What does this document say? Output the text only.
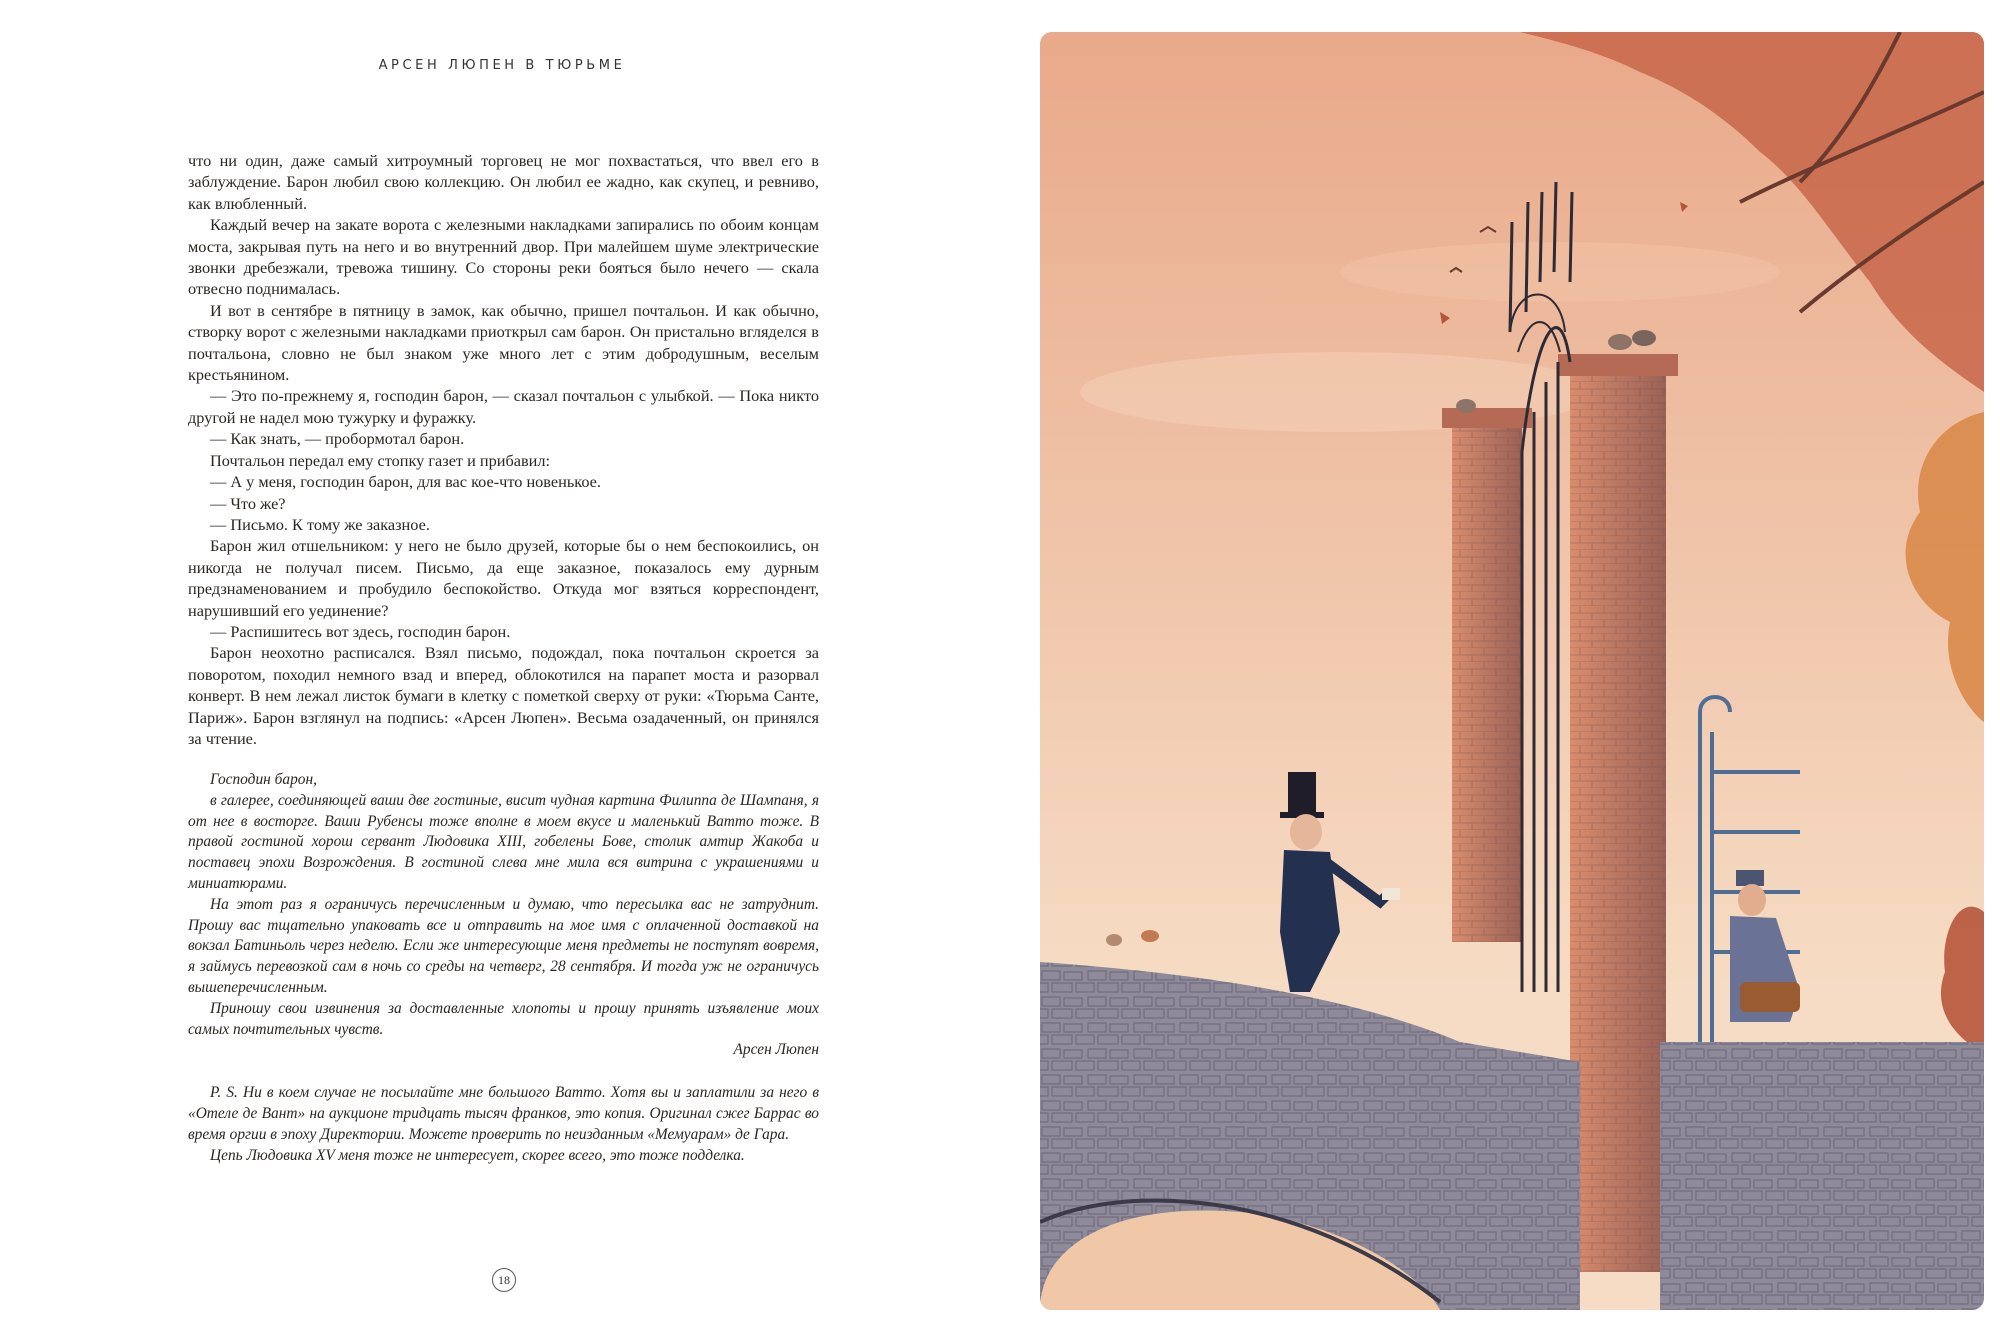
АРСЕН ЛЮПЕН В ТЮРЬМЕ

что ни один, даже самый хитроумный торговец не мог похвастаться, что ввел его в заблуждение. Барон любил свою коллекцию. Он любил ее жадно, как скупец, и ревниво, как влюбленный.

Каждый вечер на закате ворота с железными накладками запирались по обоим концам моста, закрывая путь на него и во внутренний двор. При малейшем шуме электрические звонки дребезжали, тревожа тишину. Со стороны реки бояться было нечего — скала отвесно поднималась.

И вот в сентябре в пятницу в замок, как обычно, пришел почтальон. И как обычно, створку ворот с железными накладками приоткрыл сам барон. Он пристально вгляделся в почтальона, словно не был знаком уже много лет с этим добродушным, веселым крестьянином.

— Это по-прежнему я, господин барон, — сказал почтальон с улыбкой. — Пока никто другой не надел мою тужурку и фуражку.

— Как знать, — пробормотал барон.

Почтальон передал ему стопку газет и прибавил:

— А у меня, господин барон, для вас кое-что новенькое.

— Что же?

— Письмо. К тому же заказное.

Барон жил отшельником: у него не было друзей, которые бы о нем беспокоились, он никогда не получал писем. Письмо, да еще заказное, показалось ему дурным предзнаменованием и пробудило беспокойство. Откуда мог взяться корреспондент, нарушивший его уединение?

— Распишитесь вот здесь, господин барон.

Барон неохотно расписался. Взял письмо, подождал, пока почтальон скроется за поворотом, походил немного взад и вперед, облокотился на парапет моста и разорвал конверт. В нем лежал листок бумаги в клетку с пометкой сверху от руки: «Тюрьма Санте, Париж». Барон взглянул на подпись: «Арсен Люпен». Весьма озадаченный, он принялся за чтение.

Господин барон,

в галерее, соединяющей ваши две гостиные, висит чудная картина Филиппа де Шампаня, я от нее в восторге. Ваши Рубенсы тоже вполне в моем вкусе и маленький Ватто тоже. В правой гостиной хорош сервант Людовика XIII, гобелены Бове, столик амтир Жакоба и поставец эпохи Возрождения. В гостиной слева мне мила вся витрина с украшениями и миниатюрами.

На этот раз я ограничусь перечисленным и думаю, что пересылка вас не затруднит. Прошу вас тщательно упаковать все и отправить на мое имя с оплаченной доставкой на вокзал Батиньоль через неделю. Если же интересующие меня предметы не поступят вовремя, я займусь перевозкой сам в ночь со среды на четверг, 28 сентября. И тогда уж не ограничусь вышеперечисленным.

Приношу свои извинения за доставленные хлопоты и прошу принять изъявление моих самых почтительных чувств.

Арсен Люпен

P. S. Ни в коем случае не посылайте мне большого Ватто. Хотя вы и заплатили за него в «Отеле де Вант» на аукционе тридцать тысяч франков, это копия. Оригинал сжег Баррас во время оргии в эпоху Директории. Можете проверить по неизданным «Мемуарам» де Гара.

Цепь Людовика XV меня тоже не интересует, скорее всего, это тоже подделка.

18
